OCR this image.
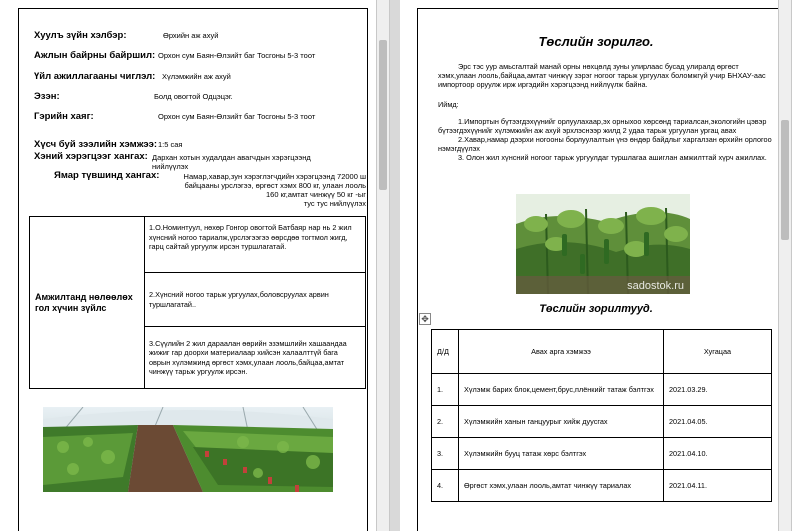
Хуулъ зүйн хэлбэр:	Өрхийн аж ахуй
Ажлын байрны байршил: Орхон сум Баян-Өлзийт баг Тосгоны 5-3 тоот
Үйл ажиллагааны чиглэл: Хүлэмжийн аж ахуй
Эзэн:	Болд овогтой Одцэцэг.
Гэрийн хаяг:	Орхон сум Баян-Өлзийт баг Тосгоны 5-3 тоот
Хүсч буй зээлийн хэмжээ: 1:5 сая
Хэний хэрэгцээг хангах: Дархан хотын худалдан авагчдын хэрэгцээнд
нийлүүлэх
Ямар түвшинд хангах:	Намар,хавар,зун хэрэглэгчдийн хэрэгцээнд 72000 ш
байцааны урслэгээ, өргөст хэмх 800 кг, улаан лооль
160 кг,амтат чинжүү 50 кг -ыг
тус тус нийлүүлэх
Амжилтанд нөлөөлөх гол хүчин зүйлс	1.О.Номинтуул, нөхөр Гонгор овогтой Батбаяр нар нь 2 жил хүнсний ногоо тариалж,үрслэгээгээ өөрсдөө тогтмол жигд, гарц сайтай ургуулж ирсэн туршлагатай.
2.Хүнсний ногоо тарьж ургуулах,боловсруулах арвин туршлагатай..
3.Сүүлийн 2 жил дараалан өөрийн эзэмшлийн хашаандаа жижиг гар доорхи материалаар хийсэн халаалттүй бага оврын хүлэмжинд өргөст хэмх,улаан лооль,байцаа,амтат чинжүү тарьж ургуулж ирсэн.
Төслийн зорилго.
Эрс тэс уур амьсгалтай манай орны нөхцөлд зуны улирлаас бусад улиралд өргөст хэмх,улаан лооль,байцаа,амтат чинжүү зэрэг ногоог тарьж ургуулах боломжгүй учир БНХАУ-аас импортоор оруулж ирж иргэдийн хэрэгцээнд нийлүүлж байна.
Иймд:
1.Импортын бүтээгдэхүүнийг орлуулахаар,эх орныхоо хөрсөнд тариалсан,экологийн цэвэр бүтээгдэхүүнийг хүлэмжийн аж ахуй эрхлэснээр жилд 2 удаа тарьж ургуулан ургац авах
2.Хавар,намар дээрхи ногооны борлуулалтын үнэ өндөр байдлыг харгалзан өрхийн орлогоо нэмэгдүүлэх
3. Олон жил хүнсний ногоог тарьж ургуулдаг туршлагаа ашиглан амжилттай хүрч ажиллах.
sadostok.ru
Төслийн зорилтууд.
✥
Д/Д	Авах арга хэмжээ	Хугацаа
1.	Хүлэмж барих блок,цемент,брус,плёнкийг татаж бэлтгэх	2021.03.29.
2.	Хүлэмжийн ханын ганцуурыг хийж дуусгах	2021.04.05.
3.	Хүлэмжийн бууц татаж хөрс бэлтгэх	2021.04.10.
4.	Өргөст хэмх,улаан лооль,амтат чинжүү тариалах	2021.04.11.
